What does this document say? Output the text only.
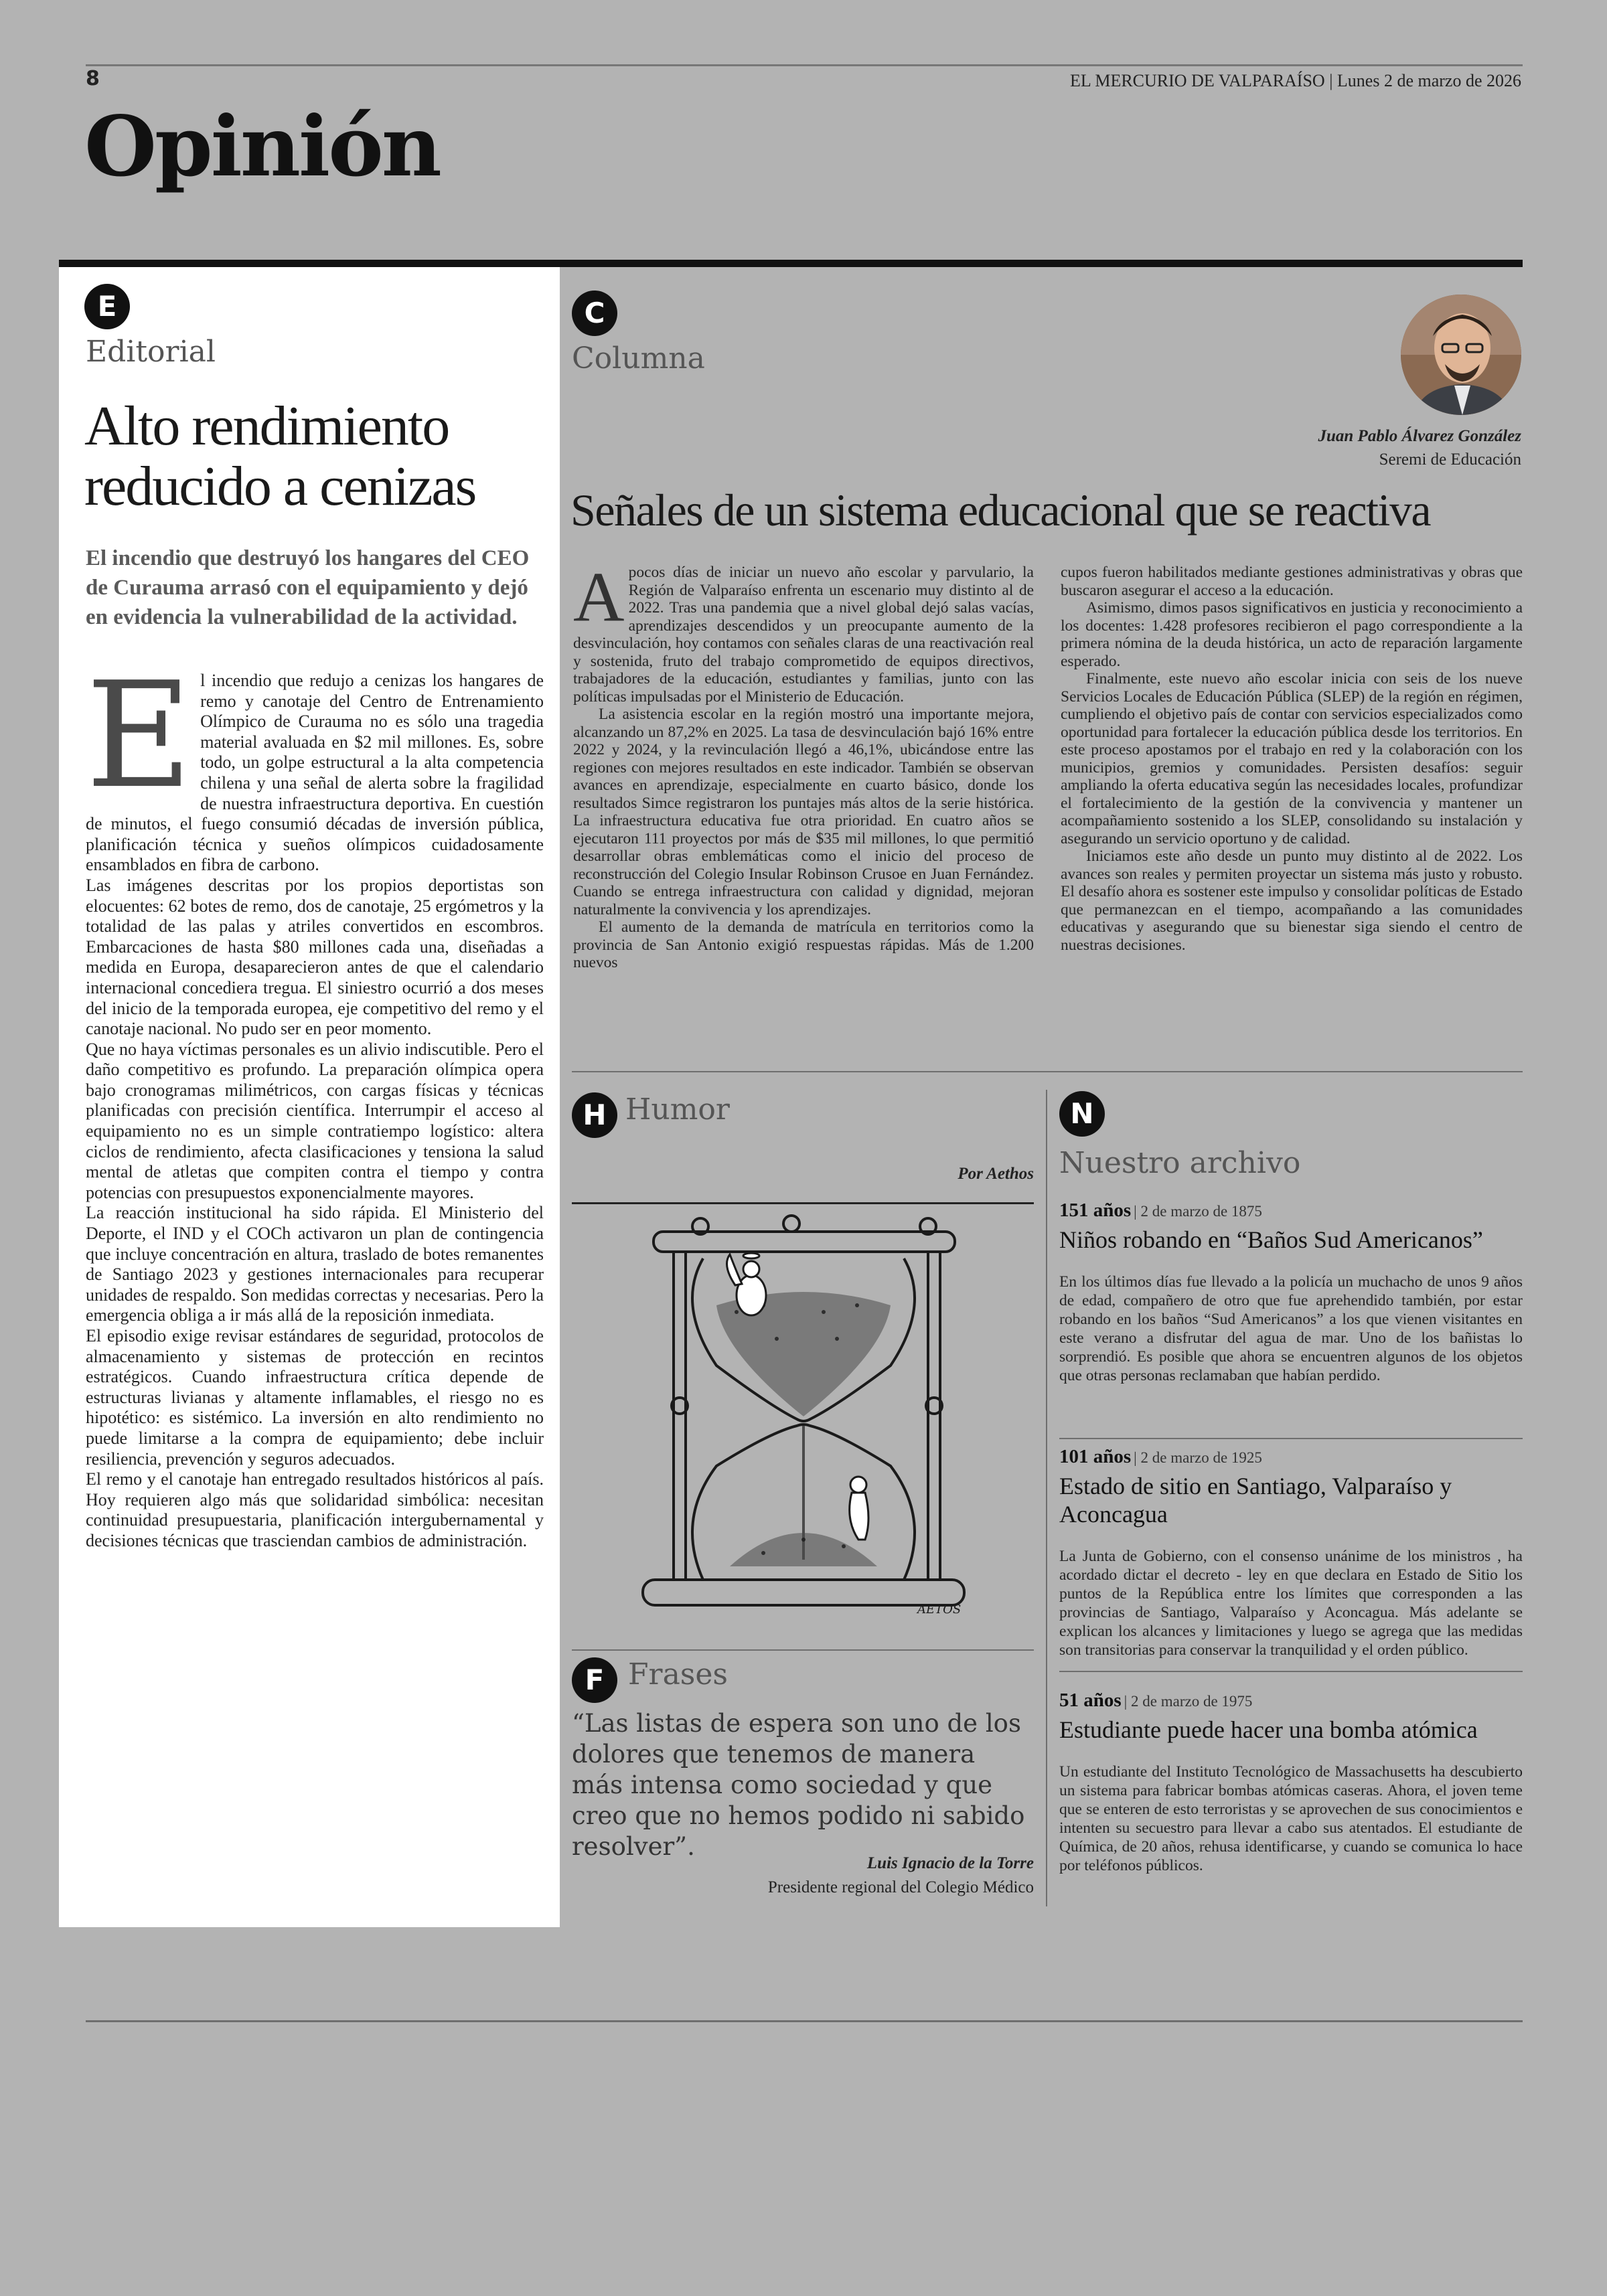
8	EL MERCURIO DE VALPARAÍSO | Lunes 2 de marzo de 2026
Opinión
E
Editorial
Alto rendimiento reducido a cenizas
El incendio que destruyó los hangares del CEO de Curauma arrasó con el equipamiento y dejó en evidencia la vulnerabilidad de la actividad.
E l incendio que redujo a cenizas los hangares de remo y canotaje del Centro de Entrenamiento Olímpico de Curauma no es sólo una tragedia material avaluada en $2 mil millones. Es, sobre todo, un golpe estructural a la alta competencia chilena y una señal de alerta sobre la fragilidad de nuestra infraestructura deportiva. En cuestión de minutos, el fuego consumió décadas de inversión pública, planificación técnica y sueños olímpicos cuidadosamente ensamblados en fibra de carbono.

Las imágenes descritas por los propios deportistas son elocuentes: 62 botes de remo, dos de canotaje, 25 ergómetros y la totalidad de las palas y atriles convertidos en escombros. Embarcaciones de hasta $80 millones cada una, diseñadas a medida en Europa, desaparecieron antes de que el calendario internacional concediera tregua. El siniestro ocurrió a dos meses del inicio de la temporada europea, eje competitivo del remo y el canotaje nacional. No pudo ser en peor momento.

Que no haya víctimas personales es un alivio indiscutible. Pero el daño competitivo es profundo. La preparación olímpica opera bajo cronogramas milimétricos, con cargas físicas y técnicas planificadas con precisión científica. Interrumpir el acceso al equipamiento no es un simple contratiempo logístico: altera ciclos de rendimiento, afecta clasificaciones y tensiona la salud mental de atletas que compiten contra el tiempo y contra potencias con presupuestos exponencialmente mayores.

La reacción institucional ha sido rápida. El Ministerio del Deporte, el IND y el COCh activaron un plan de contingencia que incluye concentración en altura, traslado de botes remanentes de Santiago 2023 y gestiones internacionales para recuperar unidades de respaldo. Son medidas correctas y necesarias. Pero la emergencia obliga a ir más allá de la reposición inmediata.

El episodio exige revisar estándares de seguridad, protocolos de almacenamiento y sistemas de protección en recintos estratégicos. Cuando infraestructura crítica depende de estructuras livianas y altamente inflamables, el riesgo no es hipotético: es sistémico. La inversión en alto rendimiento no puede limitarse a la compra de equipamiento; debe incluir resiliencia, prevención y seguros adecuados.

El remo y el canotaje han entregado resultados históricos al país. Hoy requieren algo más que solidaridad simbólica: necesitan continuidad presupuestaria, planificación intergubernamental y decisiones técnicas que trasciendan cambios de administración.

C
Columna
Juan Pablo Álvarez González
Seremi de Educación
Señales de un sistema educacional que se reactiva
A pocos días de iniciar un nuevo año escolar y parvulario, la Región de Valparaíso enfrenta un escenario muy distinto al de 2022. Tras una pandemia que a nivel global dejó salas vacías, aprendizajes descendidos y un preocupante aumento de la desvinculación, hoy contamos con señales claras de una reactivación real y sostenida, fruto del trabajo comprometido de equipos directivos, trabajadores de la educación, estudiantes y familias, junto con las políticas impulsadas por el Ministerio de Educación.

La asistencia escolar en la región mostró una importante mejora, alcanzando un 87,2% en 2025. La tasa de desvinculación bajó 16% entre 2022 y 2024, y la revinculación llegó a 46,1%, ubicándose entre las regiones con mejores resultados en este indicador. También se observan avances en aprendizaje, especialmente en cuarto básico, donde los resultados Simce registraron los puntajes más altos de la serie histórica. La infraestructura educativa fue otra prioridad. En cuatro años se ejecutaron 111 proyectos por más de $35 mil millones, lo que permitió desarrollar obras emblemáticas como el inicio del proceso de reconstrucción del Colegio Insular Robinson Crusoe en Juan Fernández. Cuando se entrega infraestructura con calidad y dignidad, mejoran naturalmente la convivencia y los aprendizajes.

El aumento de la demanda de matrícula en territorios como la provincia de San Antonio exigió respuestas rápidas. Más de 1.200 nuevos

cupos fueron habilitados mediante gestiones administrativas y obras que buscaron asegurar el acceso a la educación.

Asimismo, dimos pasos significativos en justicia y reconocimiento a los docentes: 1.428 profesores recibieron el pago correspondiente a la primera nómina de la deuda histórica, un acto de reparación largamente esperado.

Finalmente, este nuevo año escolar inicia con seis de los nueve Servicios Locales de Educación Pública (SLEP) de la región en régimen, cumpliendo el objetivo país de contar con servicios especializados como oportunidad para fortalecer la educación pública desde los territorios. En este proceso apostamos por el trabajo en red y la colaboración con los municipios, gremios y comunidades. Persisten desafíos: seguir ampliando la oferta educativa según las necesidades locales, profundizar el fortalecimiento de la gestión de la convivencia y mantener un acompañamiento sostenido a los SLEP, consolidando su instalación y asegurando un servicio oportuno y de calidad.

Iniciamos este año desde un punto muy distinto al de 2022. Los avances son reales y permiten proyectar un sistema más justo y robusto. El desafío ahora es sostener este impulso y consolidar políticas de Estado que permanezcan en el tiempo, acompañando a las comunidades educativas y asegurando que su bienestar siga siendo el centro de nuestras decisiones.

H Humor
Por Aethos
AETOS
F Frases
“Las listas de espera son uno de los dolores que tenemos de manera más intensa como sociedad y que creo que no hemos podido ni sabido resolver”.
Luis Ignacio de la Torre
Presidente regional del Colegio Médico
N
Nuestro archivo
151 años | 2 de marzo de 1875
Niños robando en “Baños Sud Americanos”
En los últimos días fue llevado a la policía un muchacho de unos 9 años de edad, compañero de otro que fue aprehendido también, por estar robando en los baños “Sud Americanos” a los que vienen visitantes en este verano a disfrutar del agua de mar. Uno de los bañistas lo sorprendió. Es posible que ahora se encuentren algunos de los objetos que otras personas reclamaban que habían perdido.
101 años | 2 de marzo de 1925
Estado de sitio en Santiago, Valparaíso y Aconcagua
La Junta de Gobierno, con el consenso unánime de los ministros , ha acordado dictar el decreto - ley en que declara en Estado de Sitio los puntos de la República entre los límites que corresponden a las provincias de Santiago, Valparaíso y Aconcagua. Más adelante se explican los alcances y limitaciones y luego se agrega que las medidas son transitorias para conservar la tranquilidad y el orden público.
51 años | 2 de marzo de 1975
Estudiante puede hacer una bomba atómica
Un estudiante del Instituto Tecnológico de Massachusetts ha descubierto un sistema para fabricar bombas atómicas caseras. Ahora, el joven teme que se enteren de esto terroristas y se aprovechen de sus conocimientos e intenten su secuestro para llevar a cabo sus atentados. El estudiante de Química, de 20 años, rehusa identificarse, y cuando se comunica lo hace por teléfonos públicos.
